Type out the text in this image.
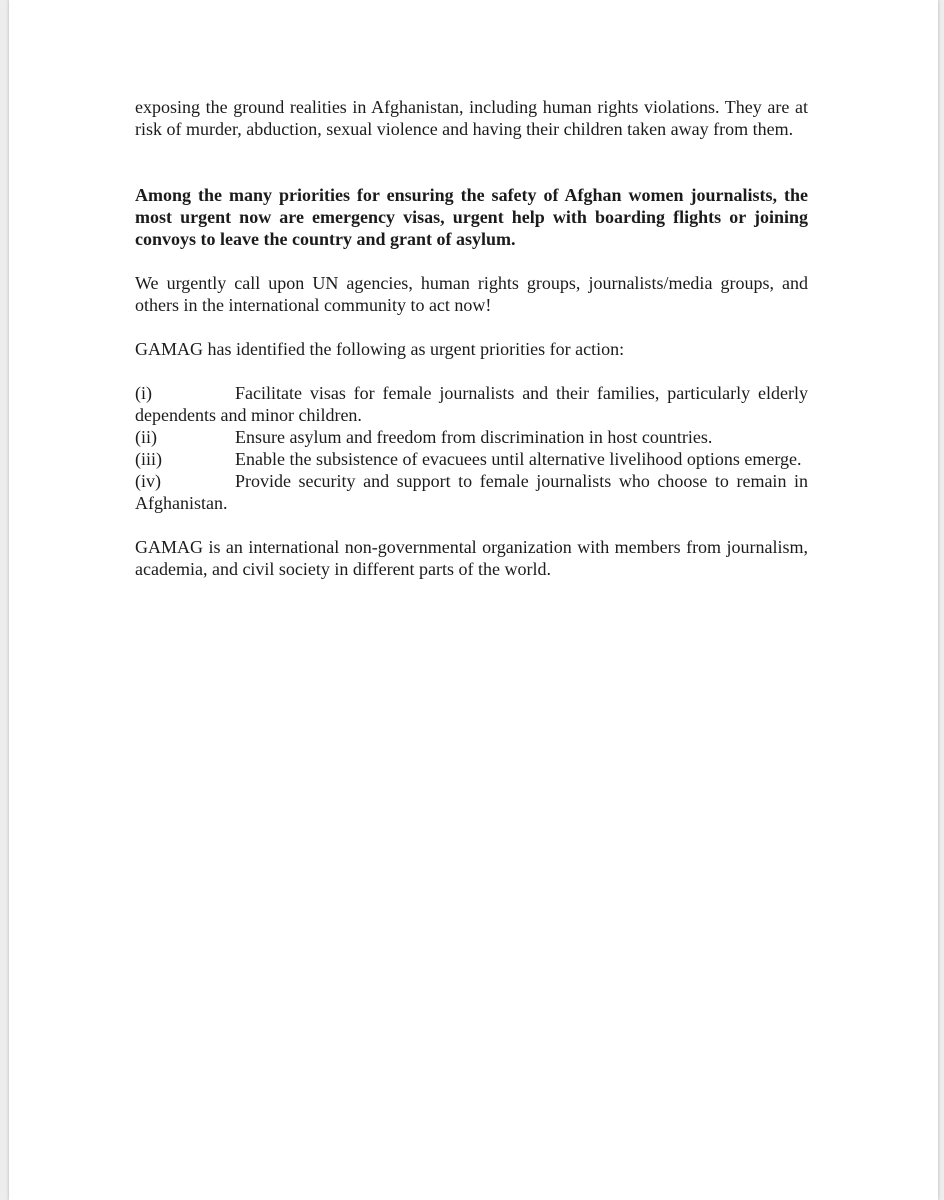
exposing the ground realities in Afghanistan, including human rights violations. They are at risk of murder, abduction, sexual violence and having their children taken away from them.

Among the many priorities for ensuring the safety of Afghan women journalists, the most urgent now are emergency visas, urgent help with boarding flights or joining convoys to leave the country and grant of asylum.

We urgently call upon UN agencies, human rights groups, journalists/media groups, and others in the international community to act now!

GAMAG has identified the following as urgent priorities for action:

(i)	Facilitate visas for female journalists and their families, particularly elderly dependents and minor children.

(ii)	Ensure asylum and freedom from discrimination in host countries.

(iii)	Enable the subsistence of evacuees until alternative livelihood options emerge.

(iv)	Provide security and support to female journalists who choose to remain in Afghanistan.

GAMAG is an international non-governmental organization with members from journalism, academia, and civil society in different parts of the world.
